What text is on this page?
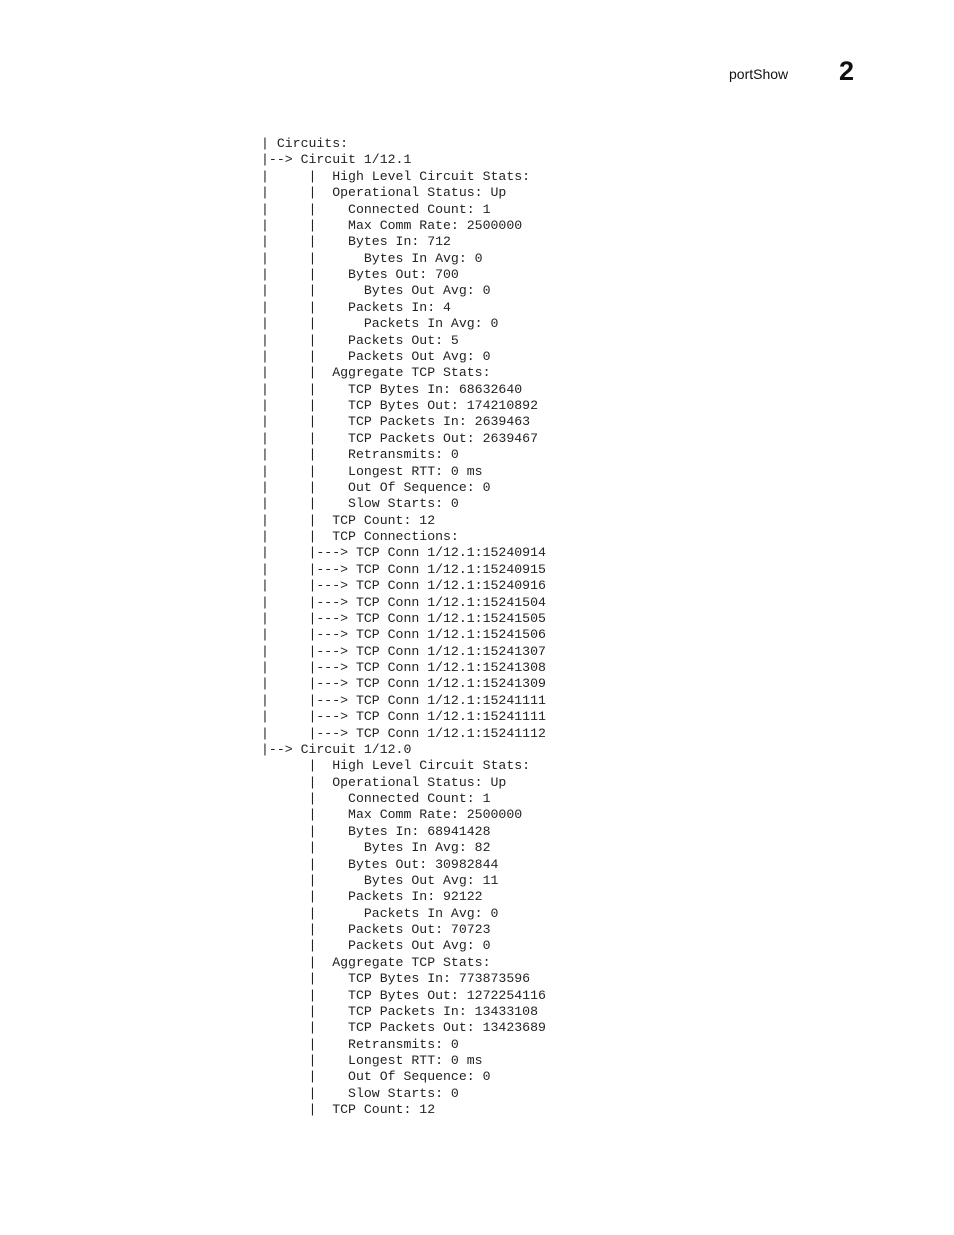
portShow 2
| Circuits:
|--> Circuit 1/12.1
|     |  High Level Circuit Stats:
|     |  Operational Status: Up
|     |    Connected Count: 1
|     |    Max Comm Rate: 2500000
|     |    Bytes In: 712
|     |      Bytes In Avg: 0
|     |    Bytes Out: 700
|     |      Bytes Out Avg: 0
|     |    Packets In: 4
|     |      Packets In Avg: 0
|     |    Packets Out: 5
|     |    Packets Out Avg: 0
|     |  Aggregate TCP Stats:
|     |    TCP Bytes In: 68632640
|     |    TCP Bytes Out: 174210892
|     |    TCP Packets In: 2639463
|     |    TCP Packets Out: 2639467
|     |    Retransmits: 0
|     |    Longest RTT: 0 ms
|     |    Out Of Sequence: 0
|     |    Slow Starts: 0
|     |  TCP Count: 12
|     |  TCP Connections:
|     |---> TCP Conn 1/12.1:15240914
|     |---> TCP Conn 1/12.1:15240915
|     |---> TCP Conn 1/12.1:15240916
|     |---> TCP Conn 1/12.1:15241504
|     |---> TCP Conn 1/12.1:15241505
|     |---> TCP Conn 1/12.1:15241506
|     |---> TCP Conn 1/12.1:15241307
|     |---> TCP Conn 1/12.1:15241308
|     |---> TCP Conn 1/12.1:15241309
|     |---> TCP Conn 1/12.1:15241111
|     |---> TCP Conn 1/12.1:15241111
|     |---> TCP Conn 1/12.1:15241112
|--> Circuit 1/12.0
|  High Level Circuit Stats:
|  Operational Status: Up
|    Connected Count: 1
|    Max Comm Rate: 2500000
|    Bytes In: 68941428
|      Bytes In Avg: 82
|    Bytes Out: 30982844
|      Bytes Out Avg: 11
|    Packets In: 92122
|      Packets In Avg: 0
|    Packets Out: 70723
|    Packets Out Avg: 0
|  Aggregate TCP Stats:
|    TCP Bytes In: 773873596
|    TCP Bytes Out: 1272254116
|    TCP Packets In: 13433108
|    TCP Packets Out: 13423689
|    Retransmits: 0
|    Longest RTT: 0 ms
|    Out Of Sequence: 0
|    Slow Starts: 0
|  TCP Count: 12
